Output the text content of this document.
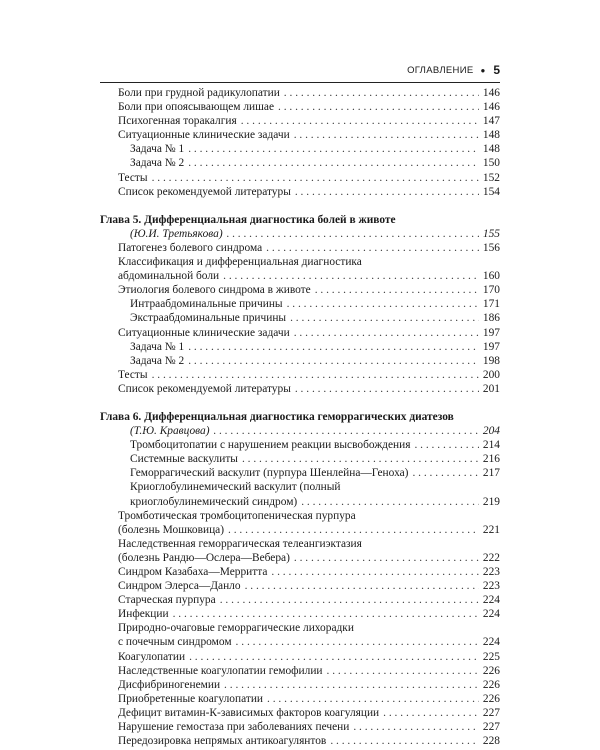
ОГЛАВЛЕНИЕ ● 5
Боли при грудной радикулопатии . . .	146
Боли при опоясывающем лишае . . .	146
Психогенная торакалгия . . .	147
Ситуационные клинические задачи . . .	148
Задача № 1 . . .	148
Задача № 2 . . .	150
Тесты . . .	152
Список рекомендуемой литературы . . .	154
Глава 5. Дифференциальная диагностика болей в животе
(Ю.И. Третьякова) . . .	155
Патогенез болевого синдрома . . .	156
Классификация и дифференциальная диагностика
абдоминальной боли . . .	160
Этиология болевого синдрома в животе . . .	170
Интраабдоминальные причины . . .	171
Экстраабдоминальные причины . . .	186
Ситуационные клинические задачи . . .	197
Задача № 1 . . .	197
Задача № 2 . . .	198
Тесты . . .	200
Список рекомендуемой литературы . . .	201
Глава 6. Дифференциальная диагностика геморрагических диатезов
(Т.Ю. Кравцова) . . .	204
Тромбоцитопатии с нарушением реакции высвобождения . . .	214
Системные васкулиты . . .	216
Геморрагический васкулит (пурпура Шенлейна—Геноха) . . .	217
Криоглобулинемический васкулит (полный
криоглобулинемический синдром) . . .	219
Тромботическая тромбоцитопеническая пурпура
(болезнь Мошковица) . . .	221
Наследственная геморрагическая телеангиэктазия
(болезнь Рандю—Ослера—Вебера) . . .	222
Синдром Казабаха—Мерритта . . .	223
Синдром Элерса—Данло . . .	223
Старческая пурпура . . .	224
Инфекции . . .	224
Природно-очаговые геморрагические лихорадки
с почечным синдромом . . .	224
Коагулопатии . . .	225
Наследственные коагулопатии гемофилии . . .	226
Дисфибриногенемии . . .	226
Приобретенные коагулопатии . . .	226
Дефицит витамин-К-зависимых факторов коагуляции . . .	227
Нарушение гемостаза при заболеваниях печени . . .	227
Передозировка непрямых антикоагулянтов . . .	228
